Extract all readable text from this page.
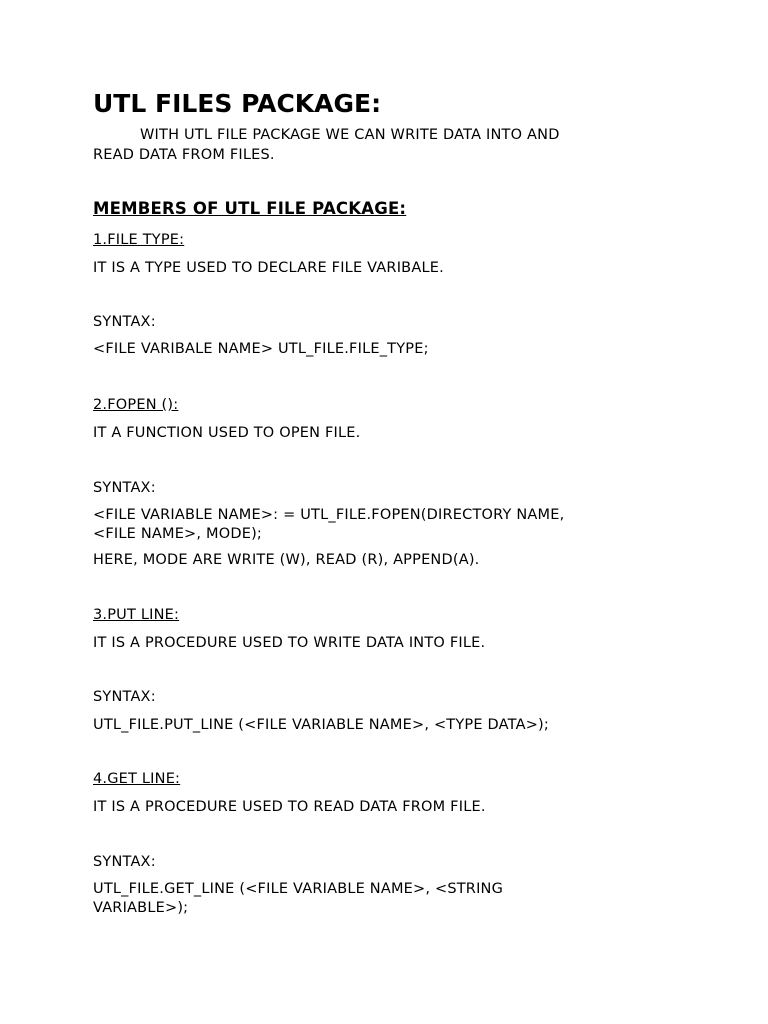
UTL FILES PACKAGE:
WITH UTL FILE PACKAGE WE CAN WRITE DATA INTO AND
READ DATA FROM FILES.
MEMBERS OF UTL FILE PACKAGE:
1.FILE TYPE:
IT IS A TYPE USED TO DECLARE FILE VARIBALE.
SYNTAX:
<FILE VARIBALE NAME> UTL_FILE.FILE_TYPE;
2.FOPEN ():
IT A FUNCTION USED TO OPEN FILE.
SYNTAX:
<FILE VARIABLE NAME>: = UTL_FILE.FOPEN(DIRECTORY NAME,
<FILE NAME>, MODE);
HERE, MODE ARE WRITE (W), READ (R), APPEND(A).
3.PUT LINE:
IT IS A PROCEDURE USED TO WRITE DATA INTO FILE.
SYNTAX:
UTL_FILE.PUT_LINE (<FILE VARIABLE NAME>, <TYPE DATA>);
4.GET LINE:
IT IS A PROCEDURE USED TO READ DATA FROM FILE.
SYNTAX:
UTL_FILE.GET_LINE (<FILE VARIABLE NAME>, <STRING
VARIABLE>);
